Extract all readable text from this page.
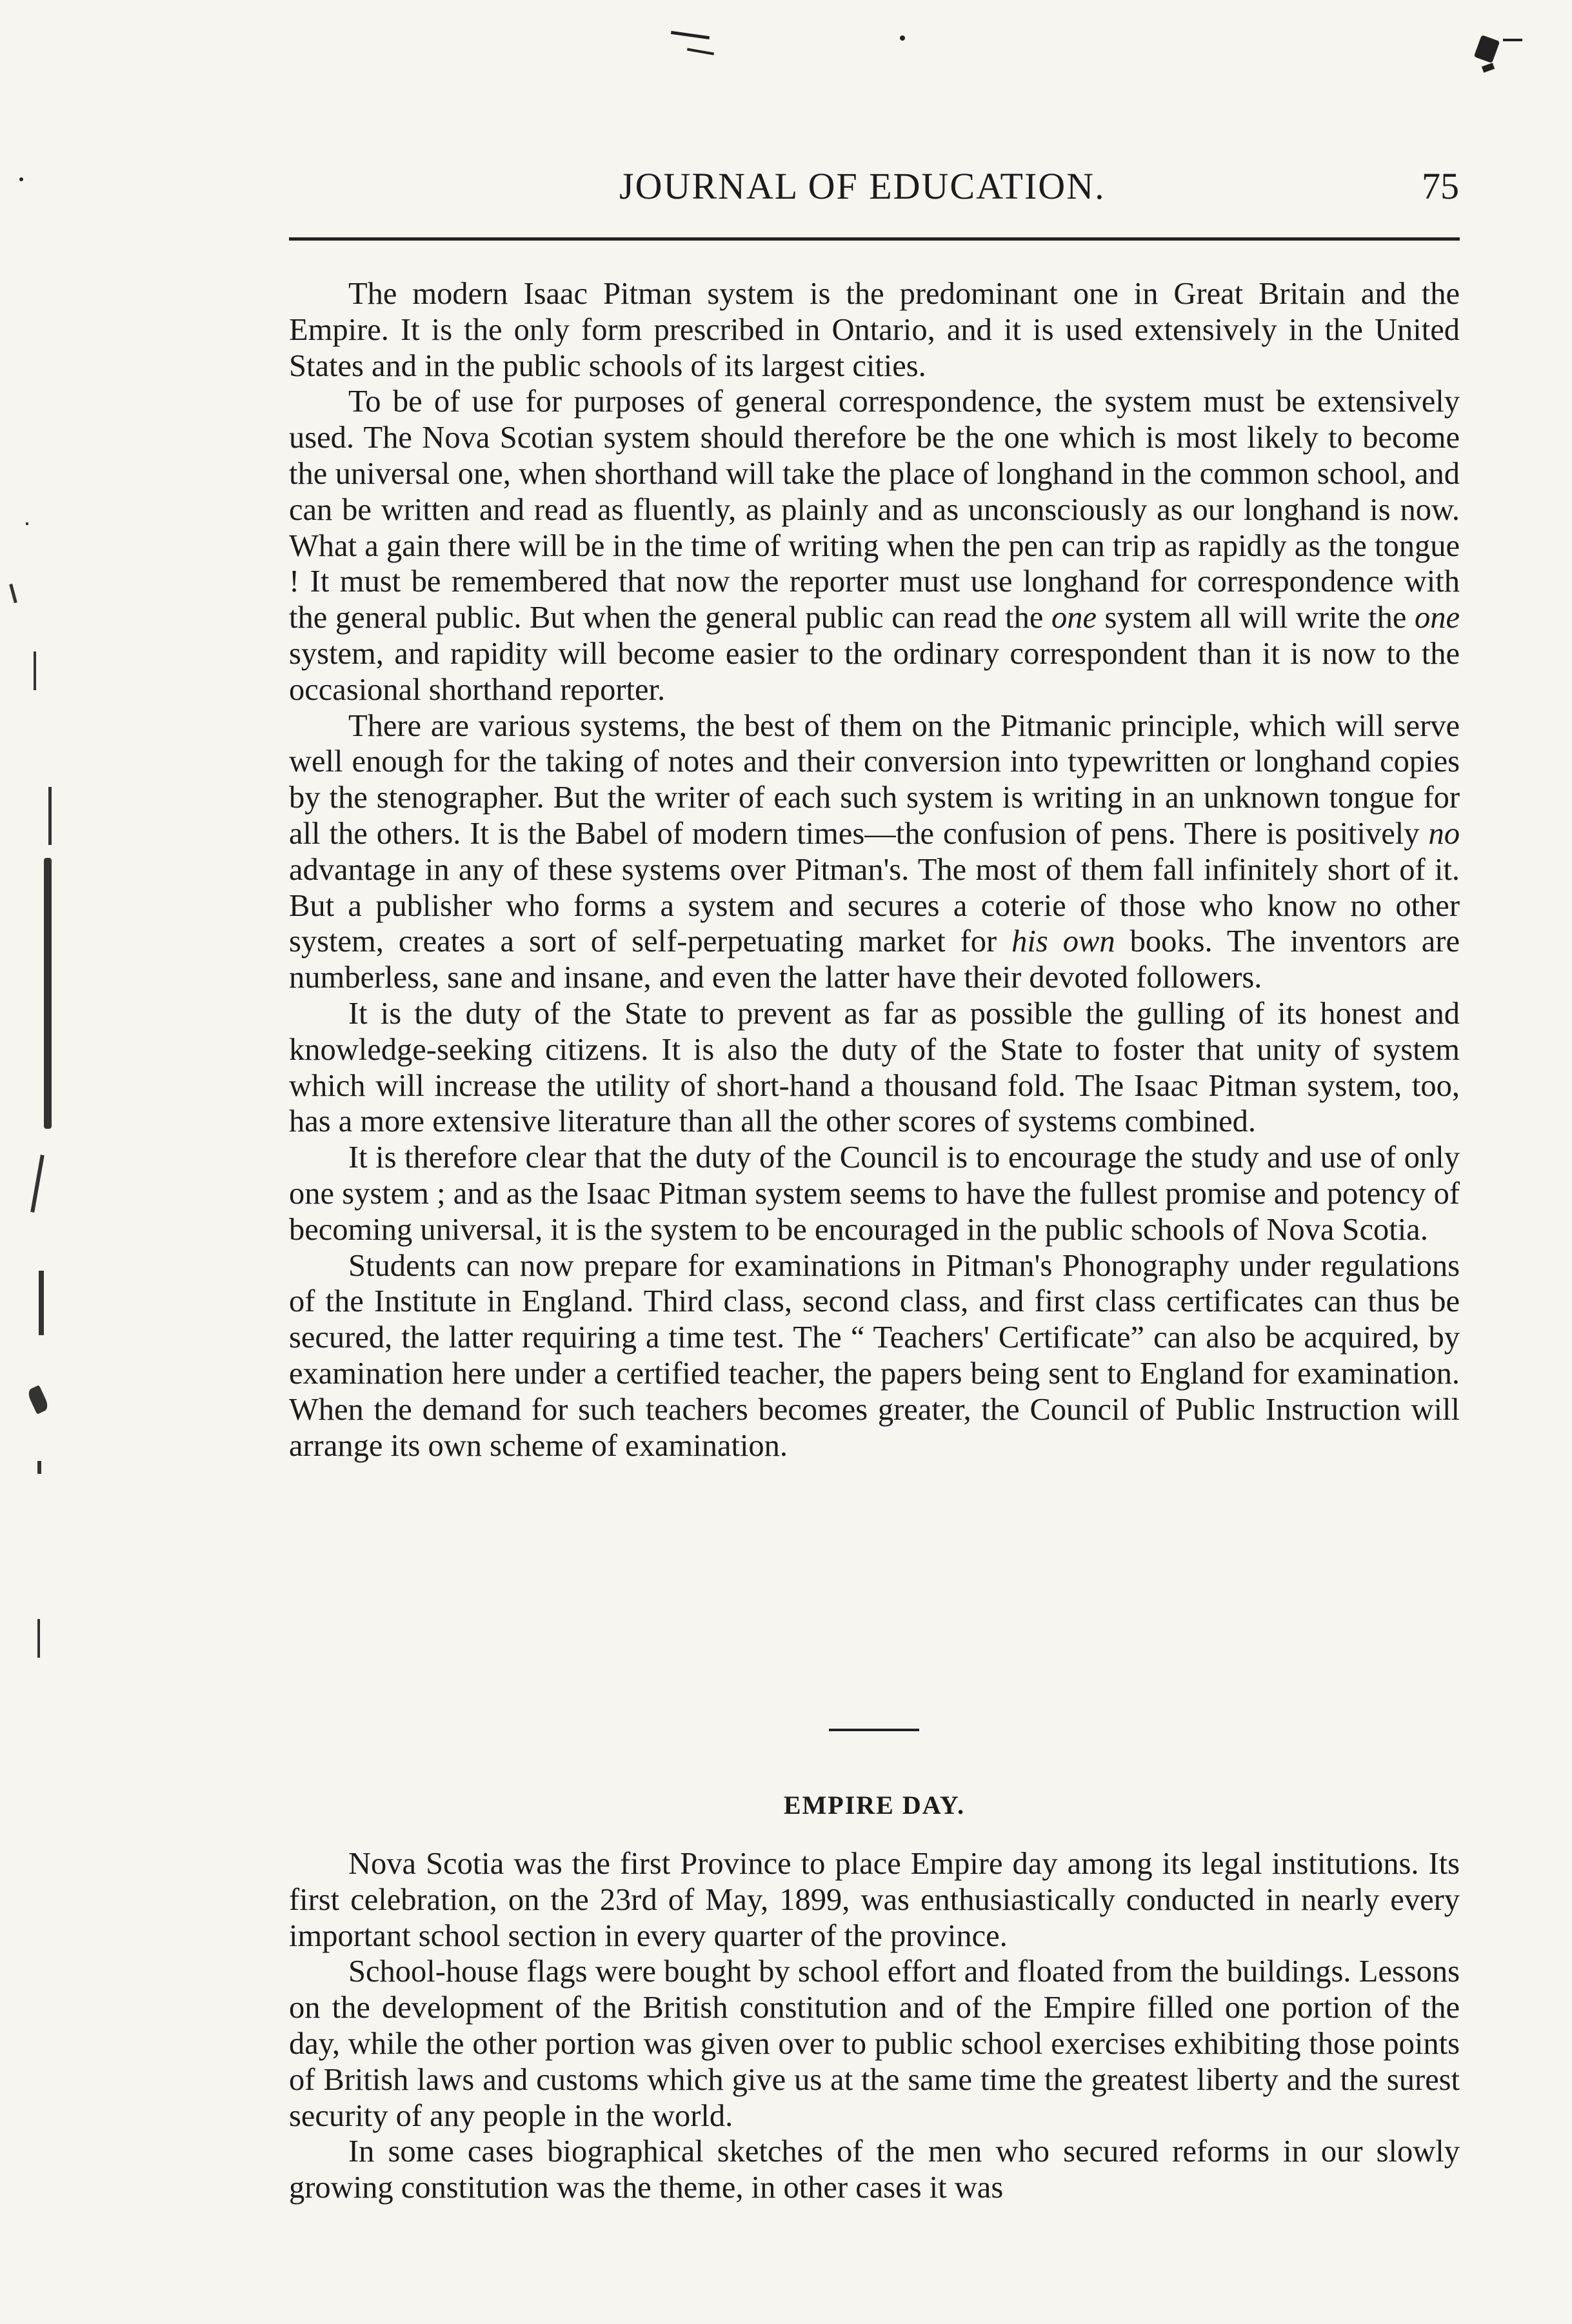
JOURNAL OF EDUCATION.	75

The modern Isaac Pitman system is the predominant one in Great Britain and the Empire. It is the only form prescribed in Ontario, and it is used extensively in the United States and in the public schools of its largest cities.

To be of use for purposes of general correspondence, the system must be extensively used. The Nova Scotian system should therefore be the one which is most likely to become the universal one, when shorthand will take the place of longhand in the common school, and can be written and read as fluently, as plainly and as unconsciously as our longhand is now. What a gain there will be in the time of writing when the pen can trip as rapidly as the tongue ! It must be remembered that now the reporter must use longhand for correspondence with the general public. But when the general public can read the one system all will write the one system, and rapidity will become easier to the ordinary correspondent than it is now to the occasional shorthand reporter.

There are various systems, the best of them on the Pitmanic principle, which will serve well enough for the taking of notes and their conversion into typewritten or longhand copies by the stenographer. But the writer of each such system is writing in an unknown tongue for all the others. It is the Babel of modern times—the confusion of pens. There is positively no advantage in any of these systems over Pitman's. The most of them fall infinitely short of it. But a publisher who forms a system and secures a coterie of those who know no other system, creates a sort of self-perpetuating market for his own books. The inventors are numberless, sane and insane, and even the latter have their devoted followers.

It is the duty of the State to prevent as far as possible the gulling of its honest and knowledge-seeking citizens. It is also the duty of the State to foster that unity of system which will increase the utility of short-hand a thousand fold. The Isaac Pitman system, too, has a more extensive literature than all the other scores of systems combined.

It is therefore clear that the duty of the Council is to encourage the study and use of only one system ; and as the Isaac Pitman system seems to have the fullest promise and potency of becoming universal, it is the system to be encouraged in the public schools of Nova Scotia.

Students can now prepare for examinations in Pitman's Phonography under regulations of the Institute in England. Third class, second class, and first class certificates can thus be secured, the latter requiring a time test. The “ Teachers' Certificate” can also be acquired, by examination here under a certified teacher, the papers being sent to England for examination. When the demand for such teachers becomes greater, the Council of Public Instruction will arrange its own scheme of examination.

EMPIRE DAY.

Nova Scotia was the first Province to place Empire day among its legal institutions. Its first celebration, on the 23rd of May, 1899, was enthusiastically conducted in nearly every important school section in every quarter of the province.

School-house flags were bought by school effort and floated from the buildings. Lessons on the development of the British constitution and of the Empire filled one portion of the day, while the other portion was given over to public school exercises exhibiting those points of British laws and customs which give us at the same time the greatest liberty and the surest security of any people in the world.

In some cases biographical sketches of the men who secured reforms in our slowly growing constitution was the theme, in other cases it was
